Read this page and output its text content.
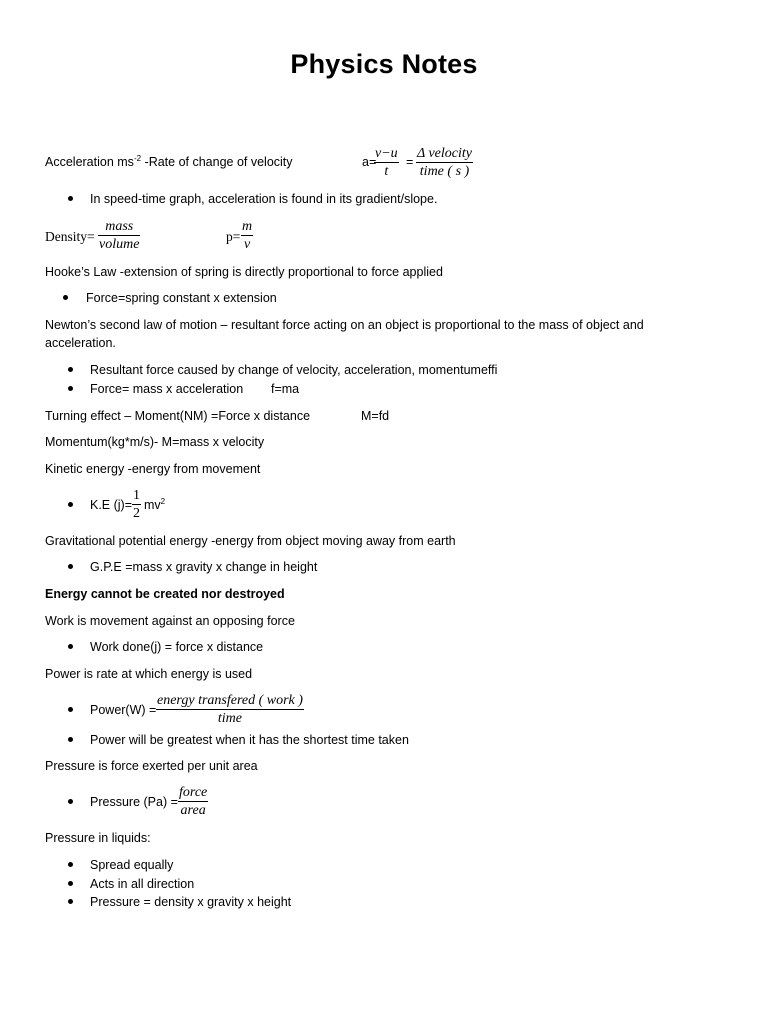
Physics Notes
Acceleration $ms^{-2}$ -Rate of change of velocity	a=
$\frac{v-u}{t}$ =
Δ velocity
time ( s )
In speed-time graph, acceleration is found in its gradient/slope.
Density=
mass
volume
$p= \frac{m}{v}$
Hooke’s Law -extension of spring is directly proportional to force applied
Force=spring constant x extension
Newton’s second law of motion – resultant force acting on an object is proportional to the mass of object and
acceleration.
Resultant force caused by change of velocity, acceleration, momentumeffi
Force= mass x acceleration f=ma
Turning effect – Moment(NM) =Force x distance	M=fd
Momentum(kg*m/s)- M=mass x velocity
Kinetic energy -energy from movement
K.E $(j)= \frac{1}{2} mv^2$
Gravitational potential energy -energy from object moving away from earth
G.P.E =mass x gravity x change in height
Energy cannot be created nor destroyed
Work is movement against an opposing force
Work done(j) = force x distance
Power is rate at which energy is used
Power(W) =
energy transfered ( work )
time
Power will be greatest when it has the shortest time taken
Pressure is force exerted per unit area
Pressure (Pa) =
force
area
Pressure in liquids:
Spread equally
Acts in all direction
Pressure = density x gravity x height
